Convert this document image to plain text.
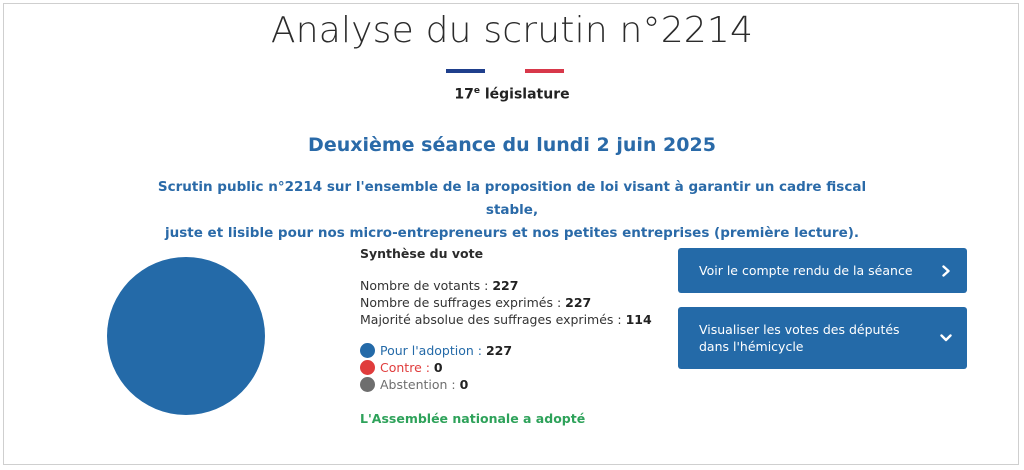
Analyse du scrutin n°2214
17e législature
Deuxième séance du lundi 2 juin 2025
Scrutin public n°2214 sur l'ensemble de la proposition de loi visant à garantir un cadre fiscal stable,
juste et lisible pour nos micro-entrepreneurs et nos petites entreprises (première lecture).
Synthèse du vote
Nombre de votants : 227
Nombre de suffrages exprimés : 227
Majorité absolue des suffrages exprimés : 114
Pour l'adoption : 227
Contre : 0
Abstention : 0
L'Assemblée nationale a adopté
Voir le compte rendu de la séance
Visualiser les votes des députés
dans l'hémicycle
